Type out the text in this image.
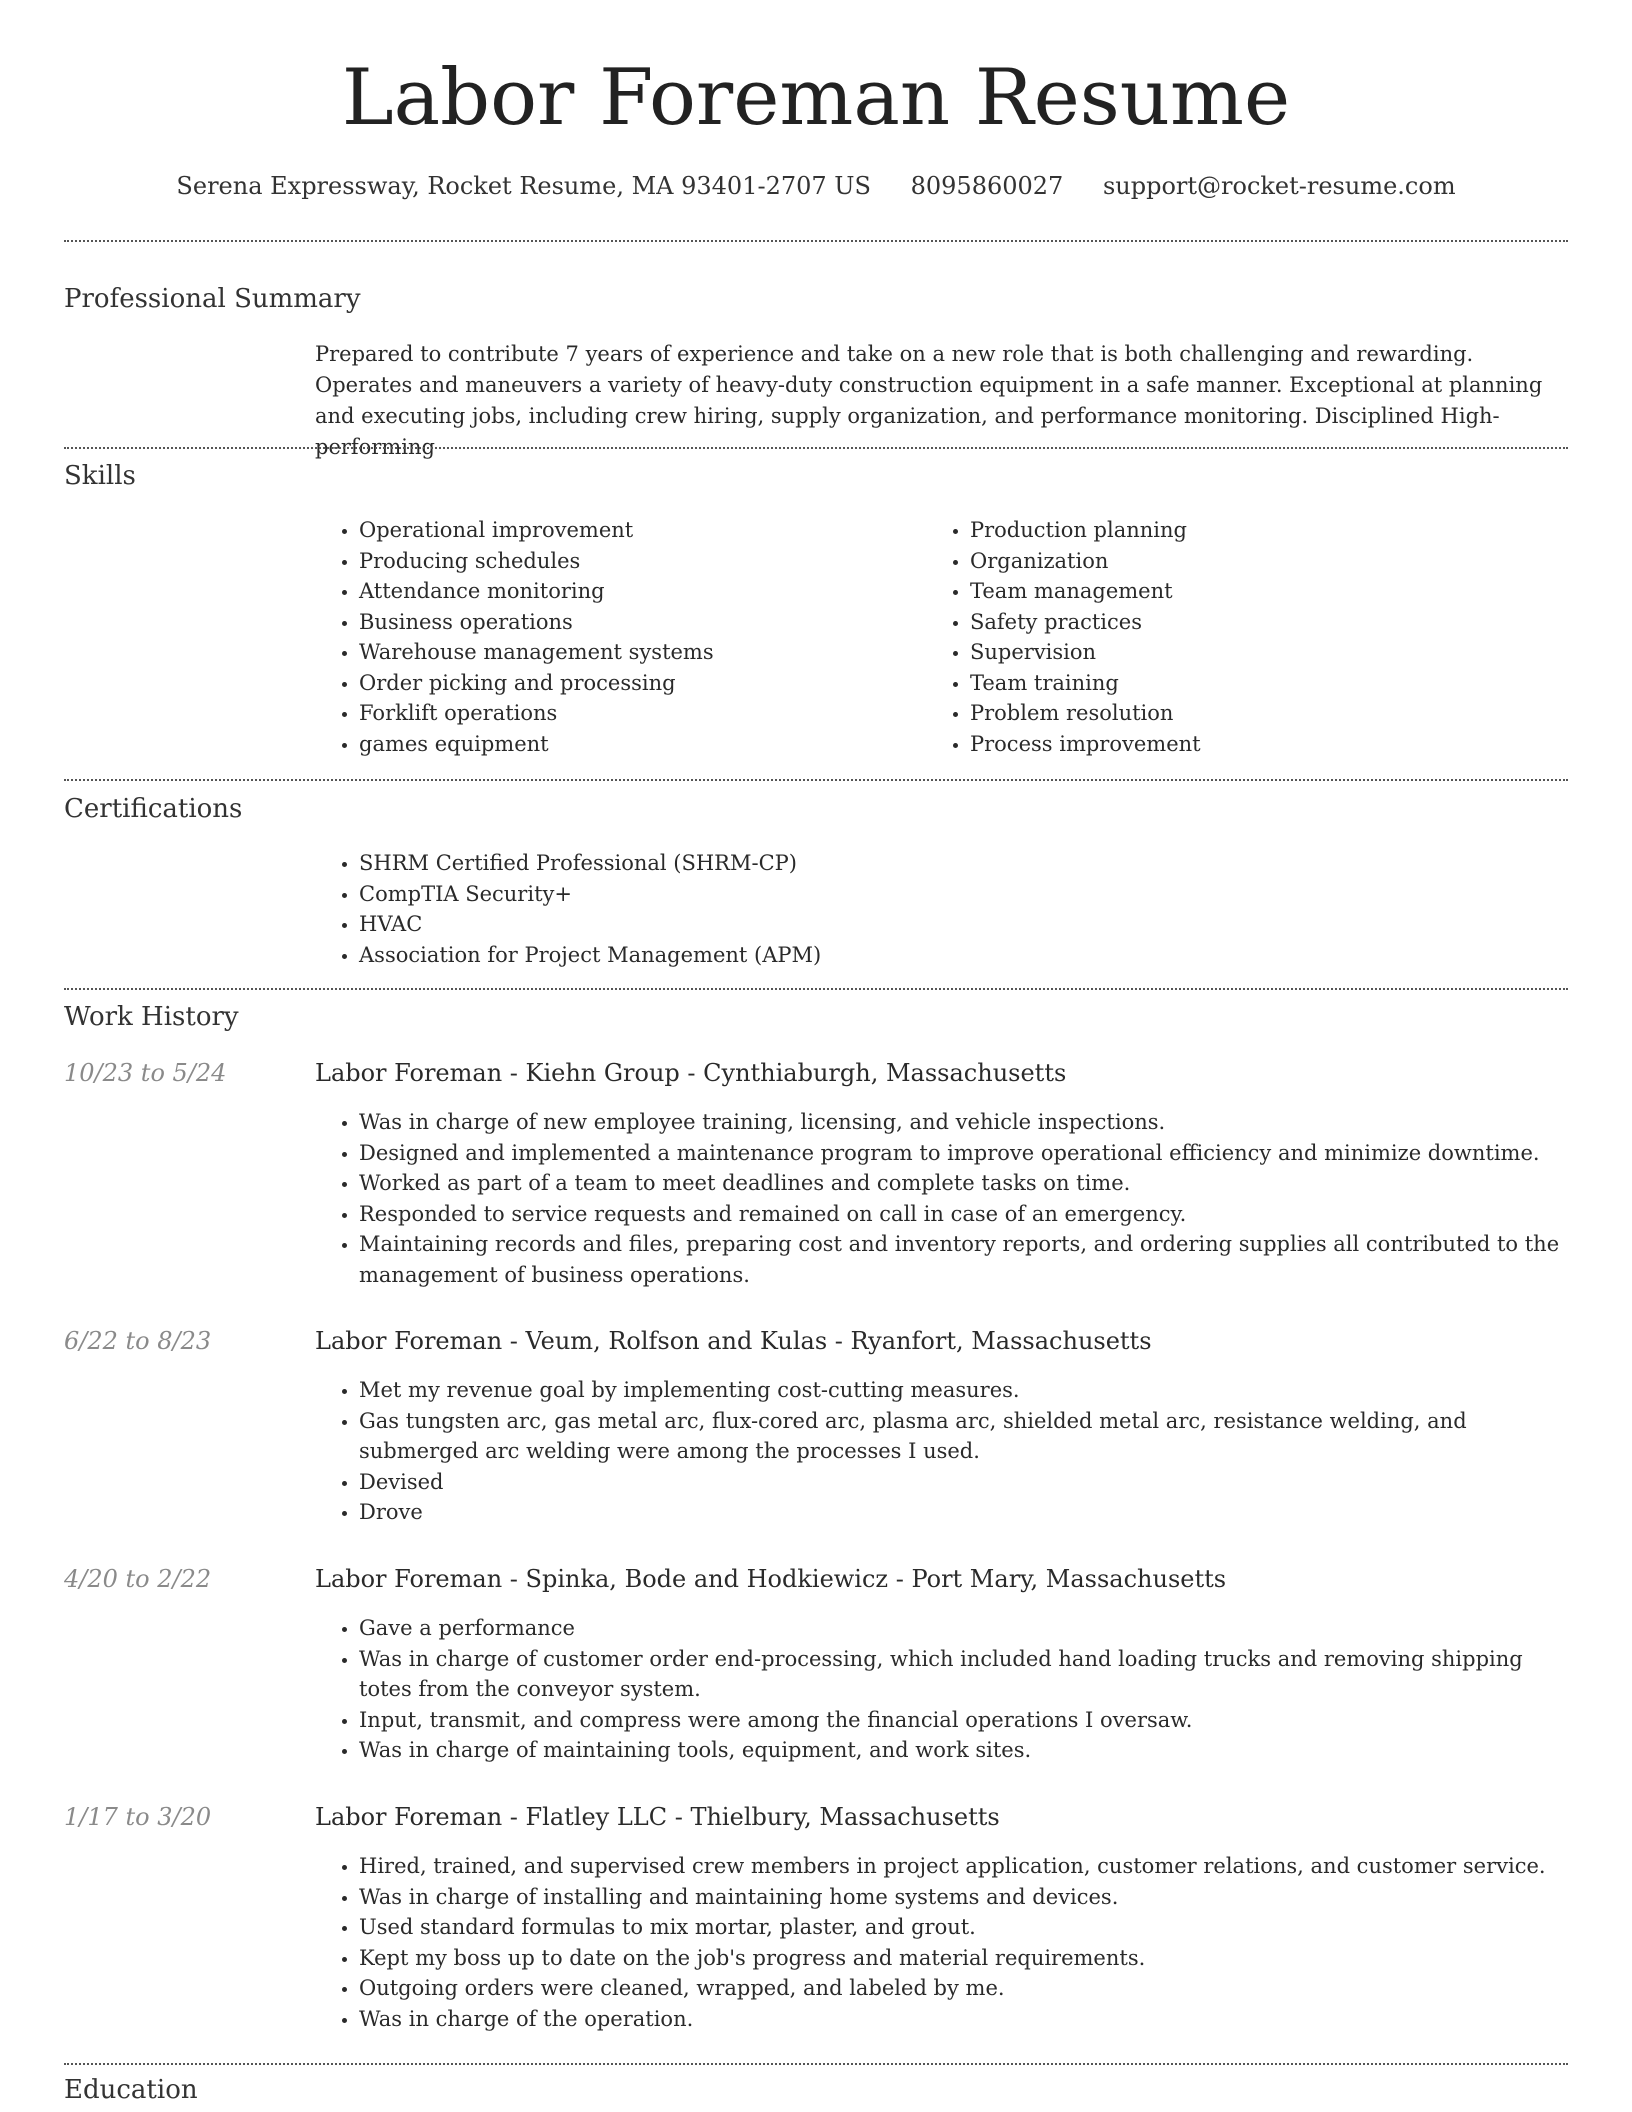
Labor Foreman Resume
Serena Expressway, Rocket Resume, MA 93401-2707 US 8095860027 support@rocket-resume.com
Professional Summary
Prepared to contribute 7 years of experience and take on a new role that is both challenging and rewarding. Operates and maneuvers a variety of heavy-duty construction equipment in a safe manner. Exceptional at planning and executing jobs, including crew hiring, supply organization, and performance monitoring. Disciplined High-performing
Skills
• Operational improvement
• Producing schedules
• Attendance monitoring
• Business operations
• Warehouse management systems
• Order picking and processing
• Forklift operations
• games equipment
• Production planning
• Organization
• Team management
• Safety practices
• Supervision
• Team training
• Problem resolution
• Process improvement
Certifications
• SHRM Certified Professional (SHRM-CP)
• CompTIA Security+
• HVAC
• Association for Project Management (APM)
Work History
10/23 to 5/24	Labor Foreman - Kiehn Group - Cynthiaburgh, Massachusetts
• Was in charge of new employee training, licensing, and vehicle inspections.
• Designed and implemented a maintenance program to improve operational efficiency and minimize downtime.
• Worked as part of a team to meet deadlines and complete tasks on time.
• Responded to service requests and remained on call in case of an emergency.
• Maintaining records and files, preparing cost and inventory reports, and ordering supplies all contributed to the management of business operations.
6/22 to 8/23	Labor Foreman - Veum, Rolfson and Kulas - Ryanfort, Massachusetts
• Met my revenue goal by implementing cost-cutting measures.
• Gas tungsten arc, gas metal arc, flux-cored arc, plasma arc, shielded metal arc, resistance welding, and submerged arc welding were among the processes I used.
• Devised
• Drove
4/20 to 2/22	Labor Foreman - Spinka, Bode and Hodkiewicz - Port Mary, Massachusetts
• Gave a performance
• Was in charge of customer order end-processing, which included hand loading trucks and removing shipping totes from the conveyor system.
• Input, transmit, and compress were among the financial operations I oversaw.
• Was in charge of maintaining tools, equipment, and work sites.
1/17 to 3/20	Labor Foreman - Flatley LLC - Thielbury, Massachusetts
• Hired, trained, and supervised crew members in project application, customer relations, and customer service.
• Was in charge of installing and maintaining home systems and devices.
• Used standard formulas to mix mortar, plaster, and grout.
• Kept my boss up to date on the job's progress and material requirements.
• Outgoing orders were cleaned, wrapped, and labeled by me.
• Was in charge of the operation.
Education
